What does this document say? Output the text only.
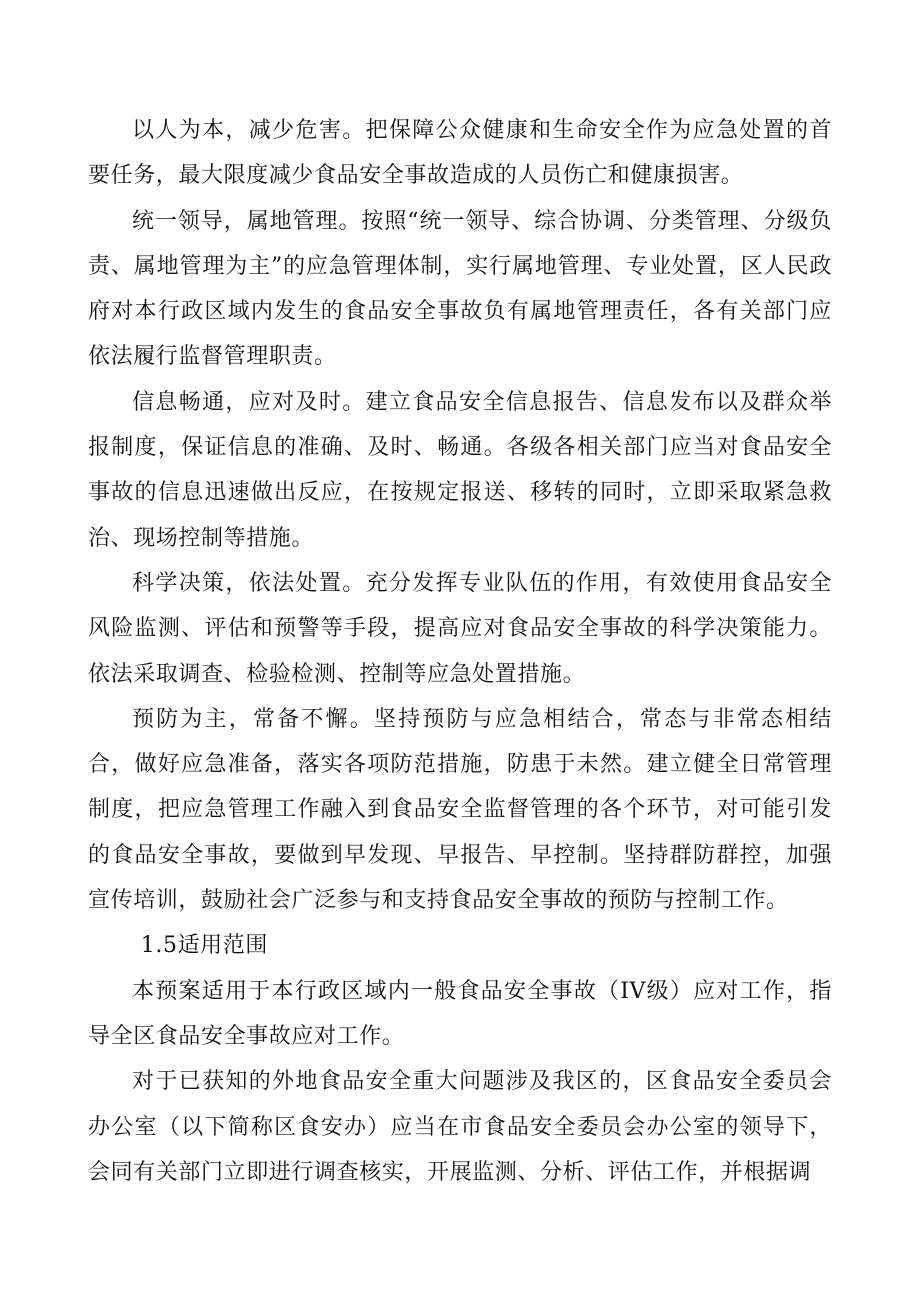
以人为本，减少危害。把保障公众健康和生命安全作为应急处置的首要任务，最大限度减少食品安全事故造成的人员伤亡和健康损害。

统一领导，属地管理。按照“统一领导、综合协调、分类管理、分级负责、属地管理为主”的应急管理体制，实行属地管理、专业处置，区人民政府对本行政区域内发生的食品安全事故负有属地管理责任，各有关部门应依法履行监督管理职责。

信息畅通，应对及时。建立食品安全信息报告、信息发布以及群众举报制度，保证信息的准确、及时、畅通。各级各相关部门应当对食品安全事故的信息迅速做出反应，在按规定报送、移转的同时，立即采取紧急救治、现场控制等措施。

科学决策，依法处置。充分发挥专业队伍的作用，有效使用食品安全风险监测、评估和预警等手段，提高应对食品安全事故的科学决策能力。依法采取调查、检验检测、控制等应急处置措施。

预防为主，常备不懈。坚持预防与应急相结合，常态与非常态相结合，做好应急准备，落实各项防范措施，防患于未然。建立健全日常管理制度，把应急管理工作融入到食品安全监督管理的各个环节，对可能引发的食品安全事故，要做到早发现、早报告、早控制。坚持群防群控，加强宣传培训，鼓励社会广泛参与和支持食品安全事故的预防与控制工作。

1.5适用范围

本预案适用于本行政区域内一般食品安全事故（IV级）应对工作，指导全区食品安全事故应对工作。

对于已获知的外地食品安全重大问题涉及我区的，区食品安全委员会办公室（以下简称区食安办）应当在市食品安全委员会办公室的领导下，会同有关部门立即进行调查核实，开展监测、分析、评估工作，并根据调
